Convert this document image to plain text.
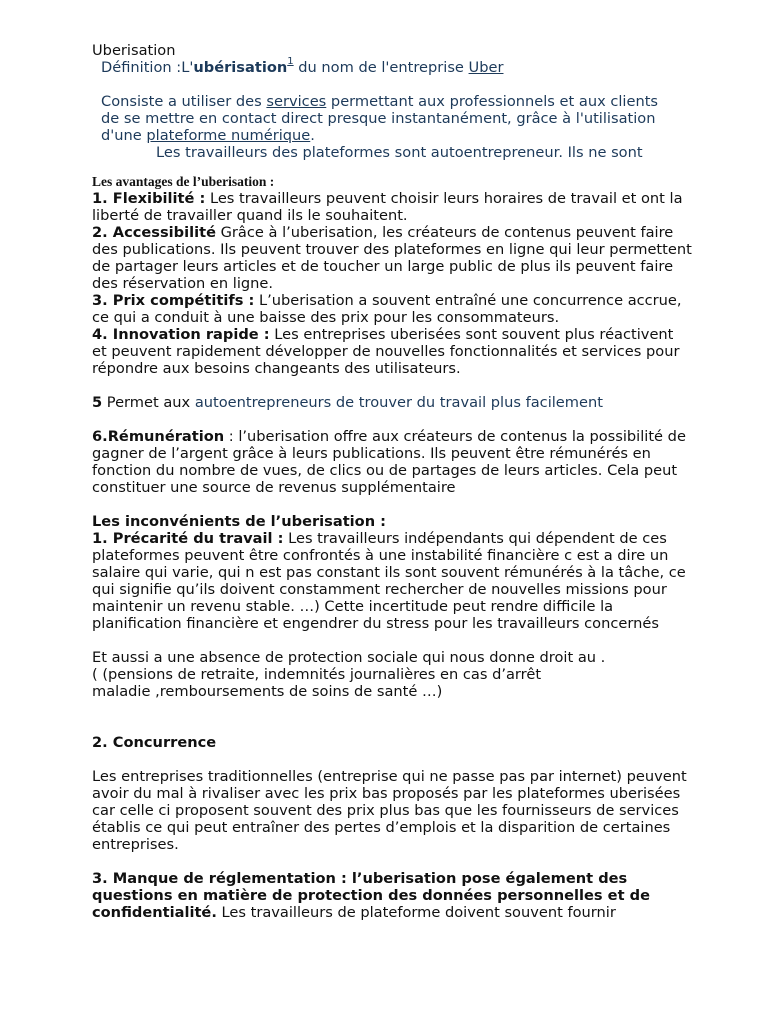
Uberisation

Définition :L'ubérisation$^1$ du nom de l'entreprise Uber

Consiste a utiliser des services permettant aux professionnels et aux clients de se mettre en contact direct presque instantanément, grâce à l'utilisation d'une plateforme numérique.

Les travailleurs des plateformes sont autoentrepreneur. Ils ne sont

Les avantages de l’uberisation :

1. Flexibilité : Les travailleurs peuvent choisir leurs horaires de travail et ont la liberté de travailler quand ils le souhaitent.

2. Accessibilité Grâce à l’uberisation, les créateurs de contenus peuvent faire des publications. Ils peuvent trouver des plateformes en ligne qui leur permettent de partager leurs articles et de toucher un large public de plus ils peuvent faire des réservation en ligne.

3. Prix compétitifs : L’uberisation a souvent entraîné une concurrence accrue, ce qui a conduit à une baisse des prix pour les consommateurs.

4. Innovation rapide : Les entreprises uberisées sont souvent plus réactivent et peuvent rapidement développer de nouvelles fonctionnalités et services pour répondre aux besoins changeants des utilisateurs.

5 Permet aux autoentrepreneurs de trouver du travail plus facilement

6.Rémunération : l’uberisation offre aux créateurs de contenus la possibilité de gagner de l’argent grâce à leurs publications. Ils peuvent être rémunérés en fonction du nombre de vues, de clics ou de partages de leurs articles. Cela peut constituer une source de revenus supplémentaire

Les inconvénients de l’uberisation :

1. Précarité du travail : Les travailleurs indépendants qui dépendent de ces plateformes peuvent être confrontés à une instabilité financière c est a dire un salaire qui varie, qui n est pas constant ils sont souvent rémunérés à la tâche, ce qui signifie qu’ils doivent constamment rechercher de nouvelles missions pour maintenir un revenu stable. …) Cette incertitude peut rendre difficile la planification financière et engendrer du stress pour les travailleurs concernés

Et aussi a une absence de protection sociale qui nous donne droit au .

( (pensions de retraite, indemnités journalières en cas d’arrêt

maladie ,remboursements de soins de santé …)

2. Concurrence

Les entreprises traditionnelles (entreprise qui ne passe pas par internet) peuvent avoir du mal à rivaliser avec les prix bas proposés par les plateformes uberisées car celle ci proposent souvent des prix plus bas que les fournisseurs de services établis ce qui peut entraîner des pertes d’emplois et la disparition de certaines entreprises.

3. Manque de réglementation : l’uberisation pose également des questions en matière de protection des données personnelles et de confidentialité. Les travailleurs de plateforme doivent souvent fournir
